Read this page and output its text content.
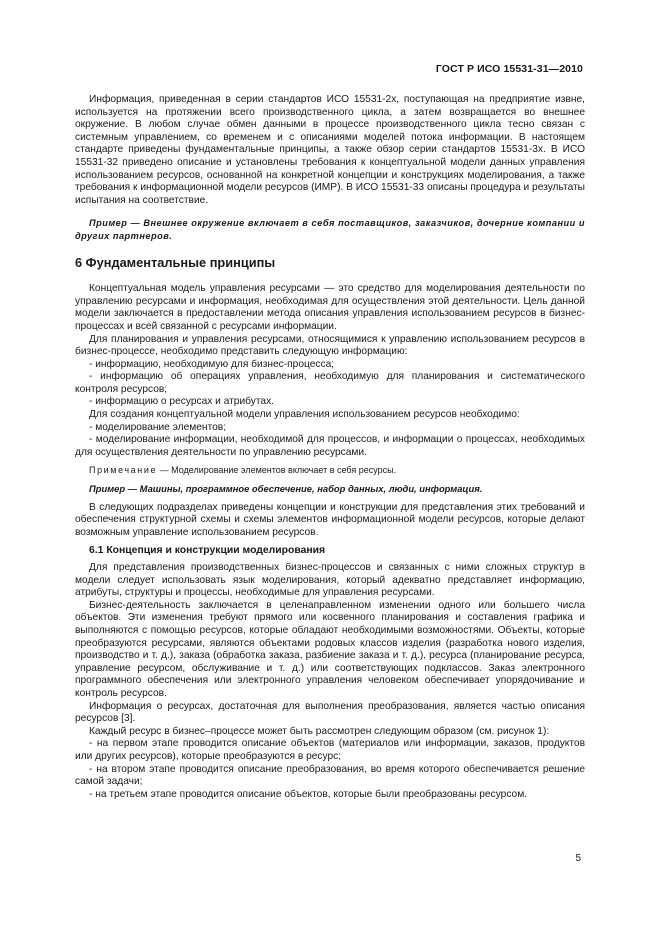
ГОСТ Р ИСО 15531-31—2010

Информация, приведенная в серии стандартов ИСО 15531-2х, поступающая на предприятие извне, используется на протяжении всего производственного цикла, а затем возвращается во внешнее окружение. В любом случае обмен данными в процессе производственного цикла тесно связан с системным управлением, со временем и с описаниями моделей потока информации. В настоящем стандарте приведены фундаментальные принципы, а также обзор серии стандартов 15531-3х. В ИСО 15531-32 приведено описание и установлены требования к концептуальной модели данных управления использованием ресурсов, основанной на конкретной концепции и конструкциях моделирования, а также требования к информационной модели ресурсов (ИМР). В ИСО 15531-33 описаны процедура и результаты испытания на соответствие.

Пример — Внешнее окружение включает в себя поставщиков, заказчиков, дочерние компании и других партнеров.

6 Фундаментальные принципы

Концептуальная модель управления ресурсами — это средство для моделирования деятельности по управлению ресурсами и информация, необходимая для осуществления этой деятельности. Цель данной модели заключается в предоставлении метода описания управления использованием ресурсов в бизнес-процессах и всей связанной с ресурсами информации.

Для планирования и управления ресурсами, относящимися к управлению использованием ресурсов в бизнес-процессе, необходимо представить следующую информацию:

- информацию, необходимую для бизнес-процесса;

- информацию об операциях управления, необходимую для планирования и систематического контроля ресурсов;

- информацию о ресурсах и атрибутах.

Для создания концептуальной модели управления использованием ресурсов необходимо:

- моделирование элементов;

- моделирование информации, необходимой для процессов, и информации о процессах, необходимых для осуществления деятельности по управлению ресурсами.

Примечание — Моделирование элементов включает в себя ресурсы.

Пример — Машины, программное обеспечение, набор данных, люди, информация.

В следующих подразделах приведены концепции и конструкции для представления этих требований и обеспечения структурной схемы и схемы элементов информационной модели ресурсов, которые делают возможным управление использованием ресурсов.

6.1 Концепция и конструкции моделирования

Для представления производственных бизнес-процессов и связанных с ними сложных структур в модели следует использовать язык моделирования, который адекватно представляет информацию, атрибуты, структуры и процессы, необходимые для управления ресурсами.

Бизнес-деятельность заключается в целенаправленном изменении одного или большего числа объектов. Эти изменения требуют прямого или косвенного планирования и составления графика и выполняются с помощью ресурсов, которые обладают необходимыми возможностями. Объекты, которые преобразуются ресурсами, являются объектами родовых классов изделия (разработка нового изделия, производство и т. д.), заказа (обработка заказа, разбиение заказа и т. д.), ресурса (планирование ресурса, управление ресурсом, обслуживание и т. д.) или соответствующих подклассов. Заказ электронного программного обеспечения или электронного управления человеком обеспечивает упорядочивание и контроль ресурсов.

Информация о ресурсах, достаточная для выполнения преобразования, является частью описания ресурсов [3].

Каждый ресурс в бизнес–процессе может быть рассмотрен следующим образом (см. рисунок 1):

- на первом этапе проводится описание объектов (материалов или информации, заказов, продуктов или других ресурсов), которые преобразуются в ресурс;

- на втором этапе проводится описание преобразования, во время которого обеспечивается решение самой задачи;

- на третьем этапе проводится описание объектов, которые были преобразованы ресурсом.

5
